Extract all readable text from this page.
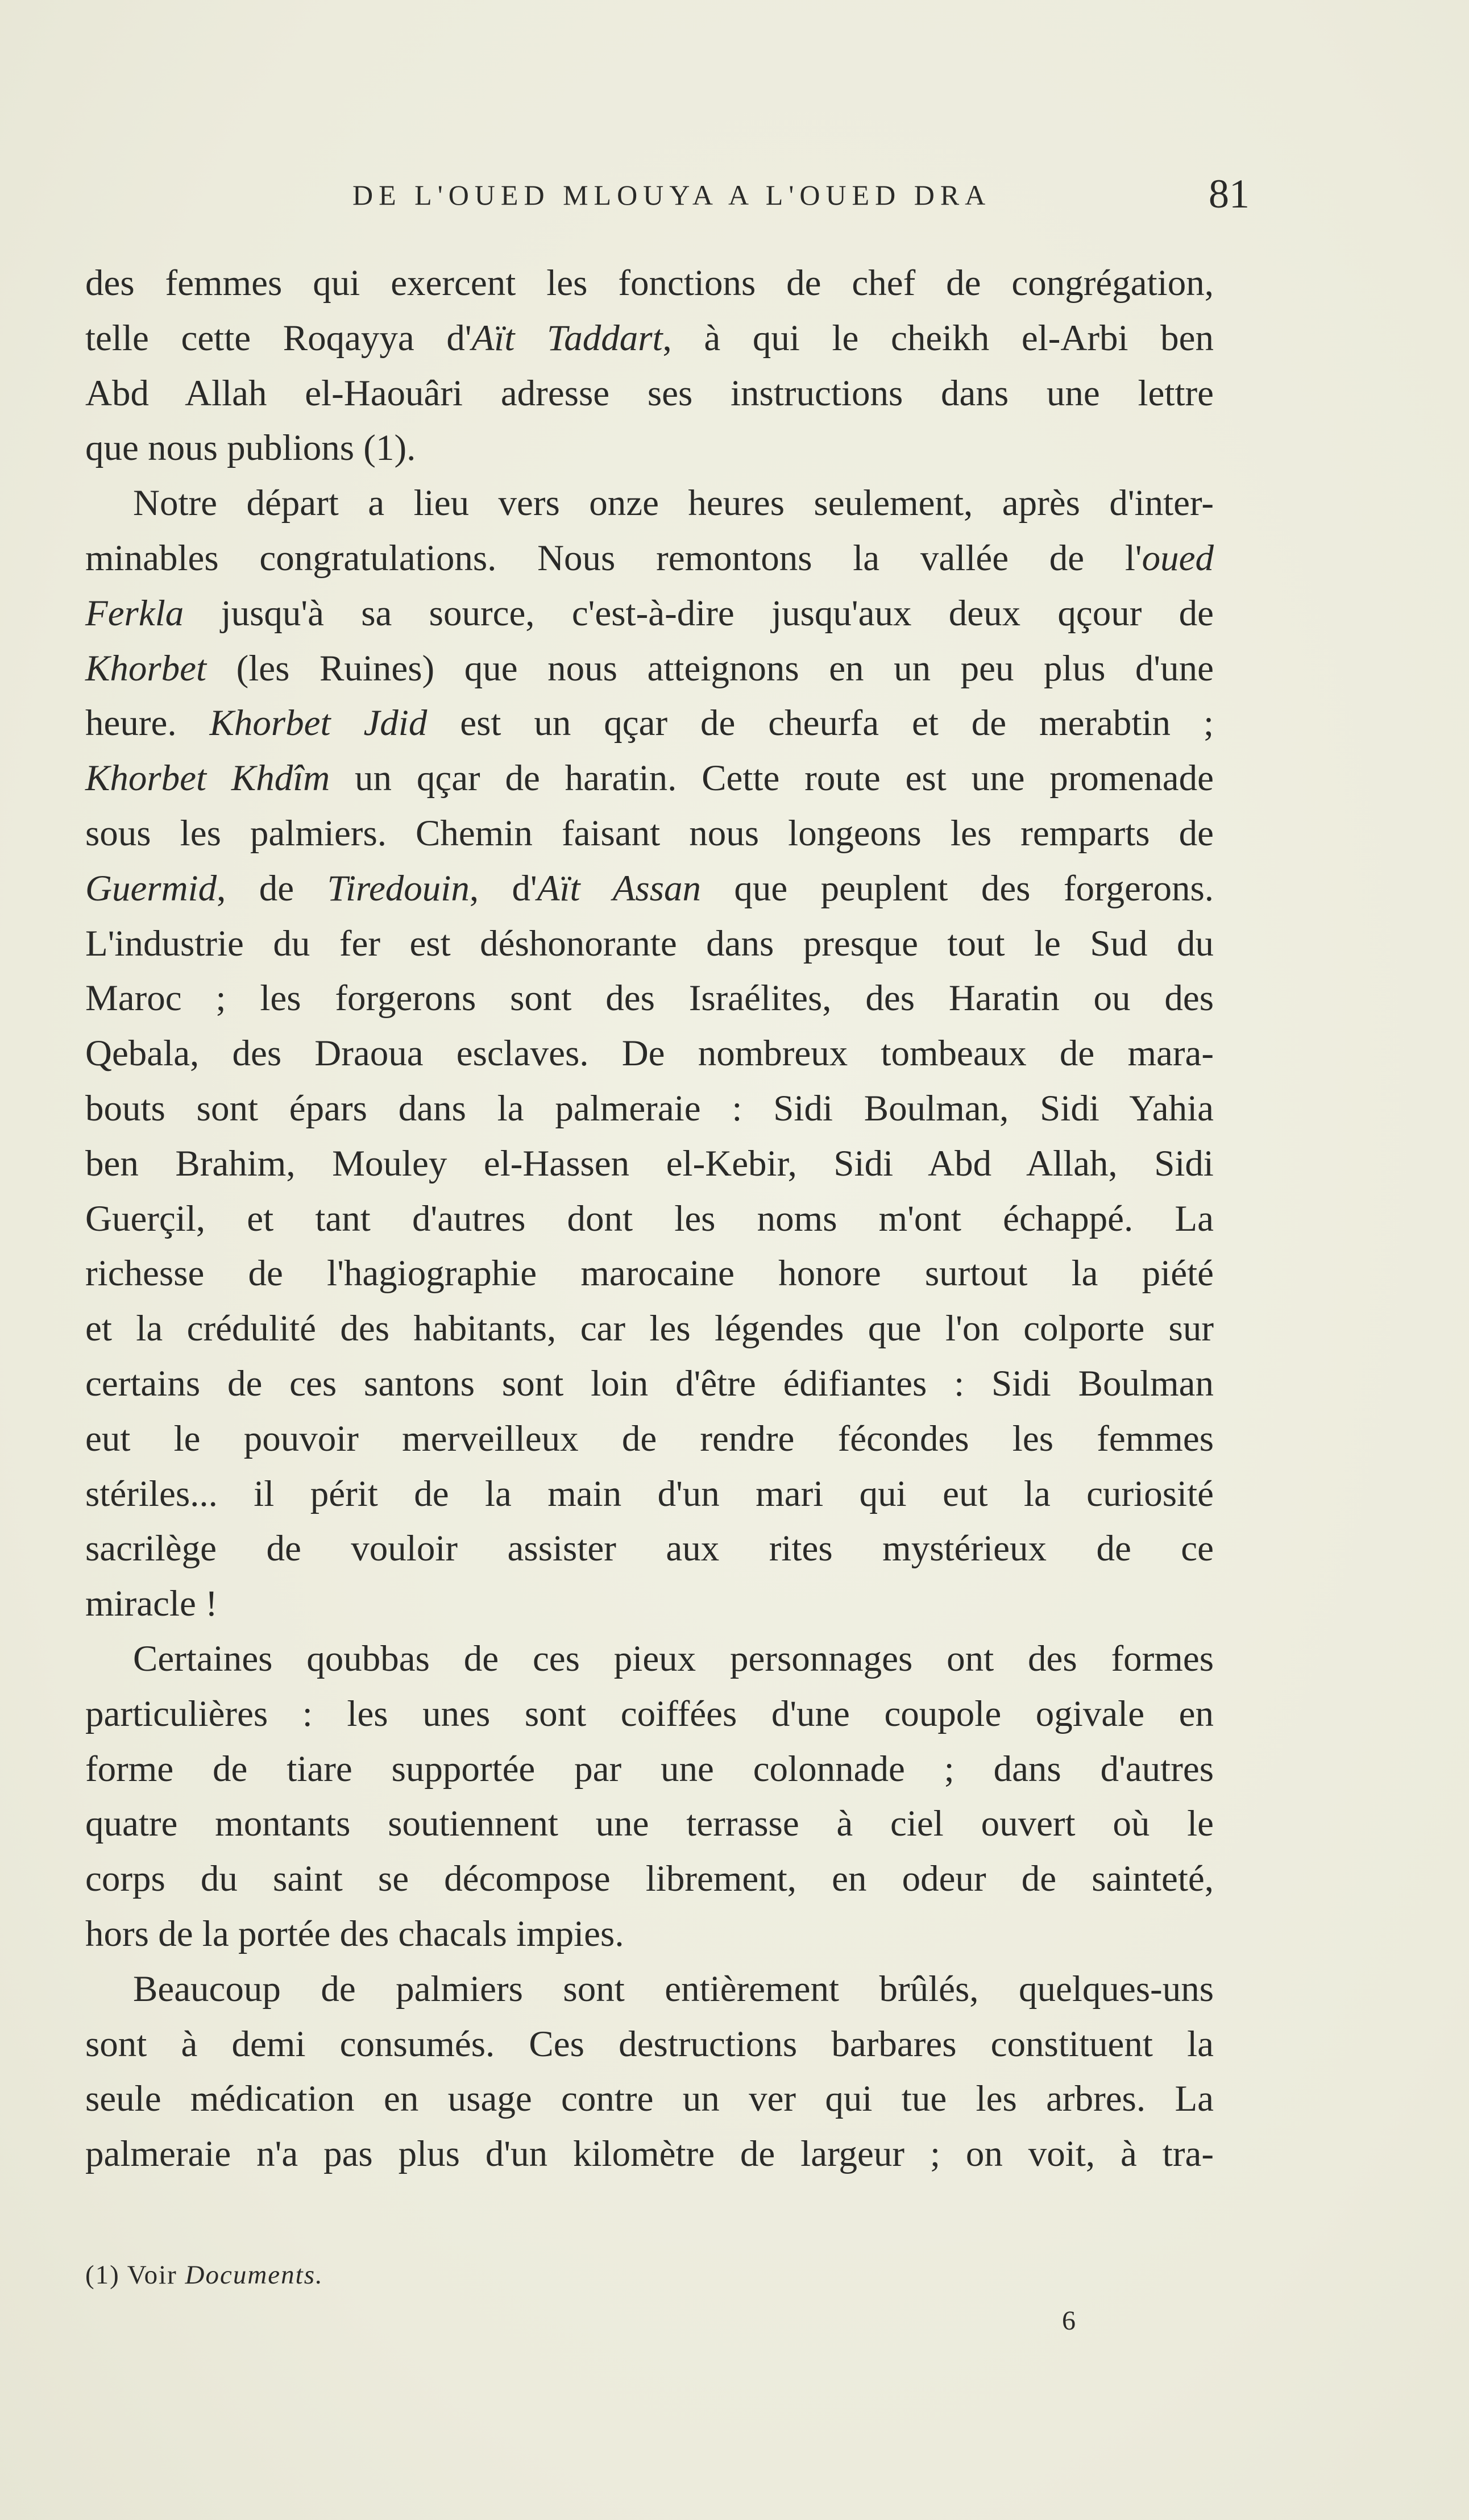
DE L'OUED MLOUYA A L'OUED DRA	81
des femmes qui exercent les fonctions de chef de congrégation,
telle cette Roqayya d'Aït Taddart, à qui le cheikh el-Arbi ben
Abd Allah el-Haouâri adresse ses instructions dans une lettre
que nous publions (1).
Notre départ a lieu vers onze heures seulement, après d'inter-
minables congratulations. Nous remontons la vallée de l'oued
Ferkla jusqu'à sa source, c'est-à-dire jusqu'aux deux qçour de
Khorbet (les Ruines) que nous atteignons en un peu plus d'une
heure. Khorbet Jdid est un qçar de cheurfa et de merabtin ;
Khorbet Khdîm un qçar de haratin. Cette route est une promenade
sous les palmiers. Chemin faisant nous longeons les remparts de
Guermid, de Tiredouin, d'Aït Assan que peuplent des forgerons.
L'industrie du fer est déshonorante dans presque tout le Sud du
Maroc ; les forgerons sont des Israélites, des Haratin ou des
Qebala, des Draoua esclaves. De nombreux tombeaux de mara-
bouts sont épars dans la palmeraie : Sidi Boulman, Sidi Yahia
ben Brahim, Mouley el-Hassen el-Kebir, Sidi Abd Allah, Sidi
Guerçil, et tant d'autres dont les noms m'ont échappé. La
richesse de l'hagiographie marocaine honore surtout la piété
et la crédulité des habitants, car les légendes que l'on colporte sur
certains de ces santons sont loin d'être édifiantes : Sidi Boulman
eut le pouvoir merveilleux de rendre fécondes les femmes
stériles... il périt de la main d'un mari qui eut la curiosité
sacrilège de vouloir assister aux rites mystérieux de ce
miracle !
Certaines qoubbas de ces pieux personnages ont des formes
particulières : les unes sont coiffées d'une coupole ogivale en
forme de tiare supportée par une colonnade ; dans d'autres
quatre montants soutiennent une terrasse à ciel ouvert où le
corps du saint se décompose librement, en odeur de sainteté,
hors de la portée des chacals impies.
Beaucoup de palmiers sont entièrement brûlés, quelques-uns
sont à demi consumés. Ces destructions barbares constituent la
seule médication en usage contre un ver qui tue les arbres. La
palmeraie n'a pas plus d'un kilomètre de largeur ; on voit, à tra-
(1) Voir Documents.
6
